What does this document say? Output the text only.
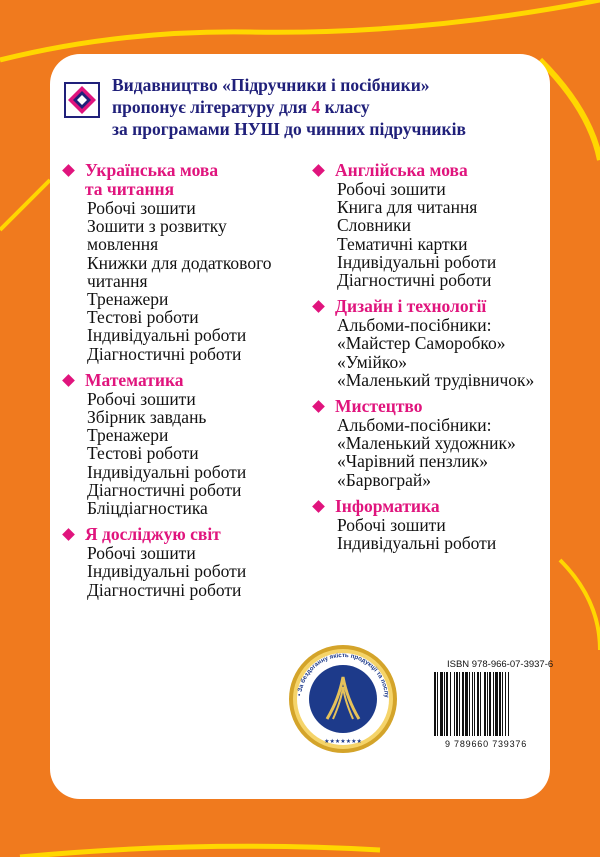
Видавництво «Підручники і посібники»
пропонує літературу для 4 класу
за програмами НУШ до чинних підручників
Українська мова
та читання
Робочі зошити
Зошити з розвитку
мовлення
Книжки для додаткового
читання
Тренажери
Тестові роботи
Індивідуальні роботи
Діагностичні роботи
Математика
Робочі зошити
Збірник завдань
Тренажери
Тестові роботи
Індивідуальні роботи
Діагностичні роботи
Бліцдіагностика
Я досліджую світ
Робочі зошити
Індивідуальні роботи
Діагностичні роботи
Англійська мова
Робочі зошити
Книга для читання
Словники
Тематичні картки
Індивідуальні роботи
Діагностичні роботи
Дизайн і технології
Альбоми-посібники:
«Майстер Саморобко»
«Умійко»
«Маленький трудівничок»
Мистецтво
Альбоми-посібники:
«Маленький художник»
«Чарівний пензлик»
«Барвограй»
Інформатика
Робочі зошити
Індивідуальні роботи
ISBN 978-966-07-3937-6
9 789660 739376
• За бездоганну якість продукції та послу
★★★★★★★
